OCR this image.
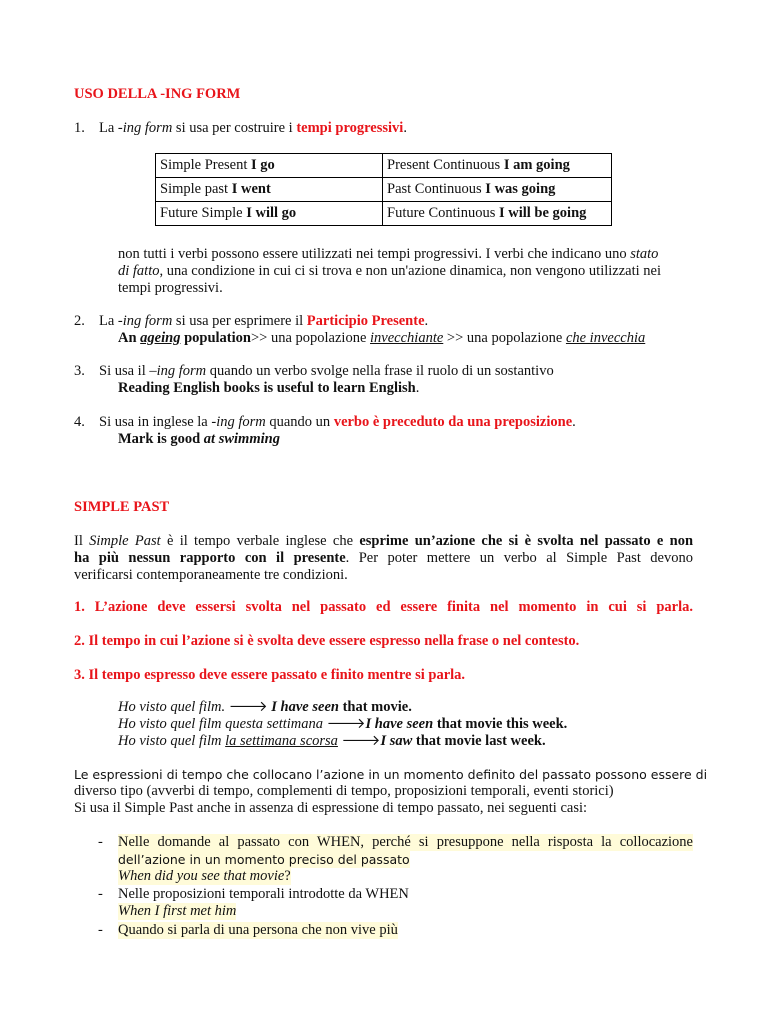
USO DELLA -ING FORM
1. La -ing form si usa per costruire i tempi progressivi.
Simple Present I go	Present Continuous I am going
Simple past I went	Past Continuous I was going
Future Simple I will go	Future Continuous I will be going
non tutti i verbi possono essere utilizzati nei tempi progressivi. I verbi che indicano uno stato
di fatto, una condizione in cui ci si trova e non un'azione dinamica, non vengono utilizzati nei
tempi progressivi.
2. La -ing form si usa per esprimere il Participio Presente.
An ageing population>> una popolazione invecchiante >> una popolazione che invecchia
3. Si usa il –ing form quando un verbo svolge nella frase il ruolo di un sostantivo
Reading English books is useful to learn English.
4. Si usa in inglese la -ing form quando un verbo è preceduto da una preposizione.
Mark is good at swimming
SIMPLE PAST
Il Simple Past è il tempo verbale inglese che esprime un’azione che si è svolta nel passato e non
ha più nessun rapporto con il presente. Per poter mettere un verbo al Simple Past devono
verificarsi contemporaneamente tre condizioni.
1. L’azione deve essersi svolta nel passato ed essere finita nel momento in cui si parla.
2. Il tempo in cui l’azione si è svolta deve essere espresso nella frase o nel contesto.
3. Il tempo espresso deve essere passato e finito mentre si parla.
Ho visto quel film. 🡒 I have seen that movie.
Ho visto quel film questa settimana 🡒I have seen that movie this week.
Ho visto quel film la settimana scorsa 🡒I saw that movie last week.
Le espressioni di tempo che collocano l’azione in un momento definito del passato possono essere di
diverso tipo (avverbi di tempo, complementi di tempo, proposizioni temporali, eventi storici)
Si usa il Simple Past anche in assenza di espressione di tempo passato, nei seguenti casi:
- Nelle domande al passato con WHEN, perché si presuppone nella risposta la collocazione
dell’azione in un momento preciso del passato
When did you see that movie?
- Nelle proposizioni temporali introdotte da WHEN
When I first met him
- Quando si parla di una persona che non vive più
